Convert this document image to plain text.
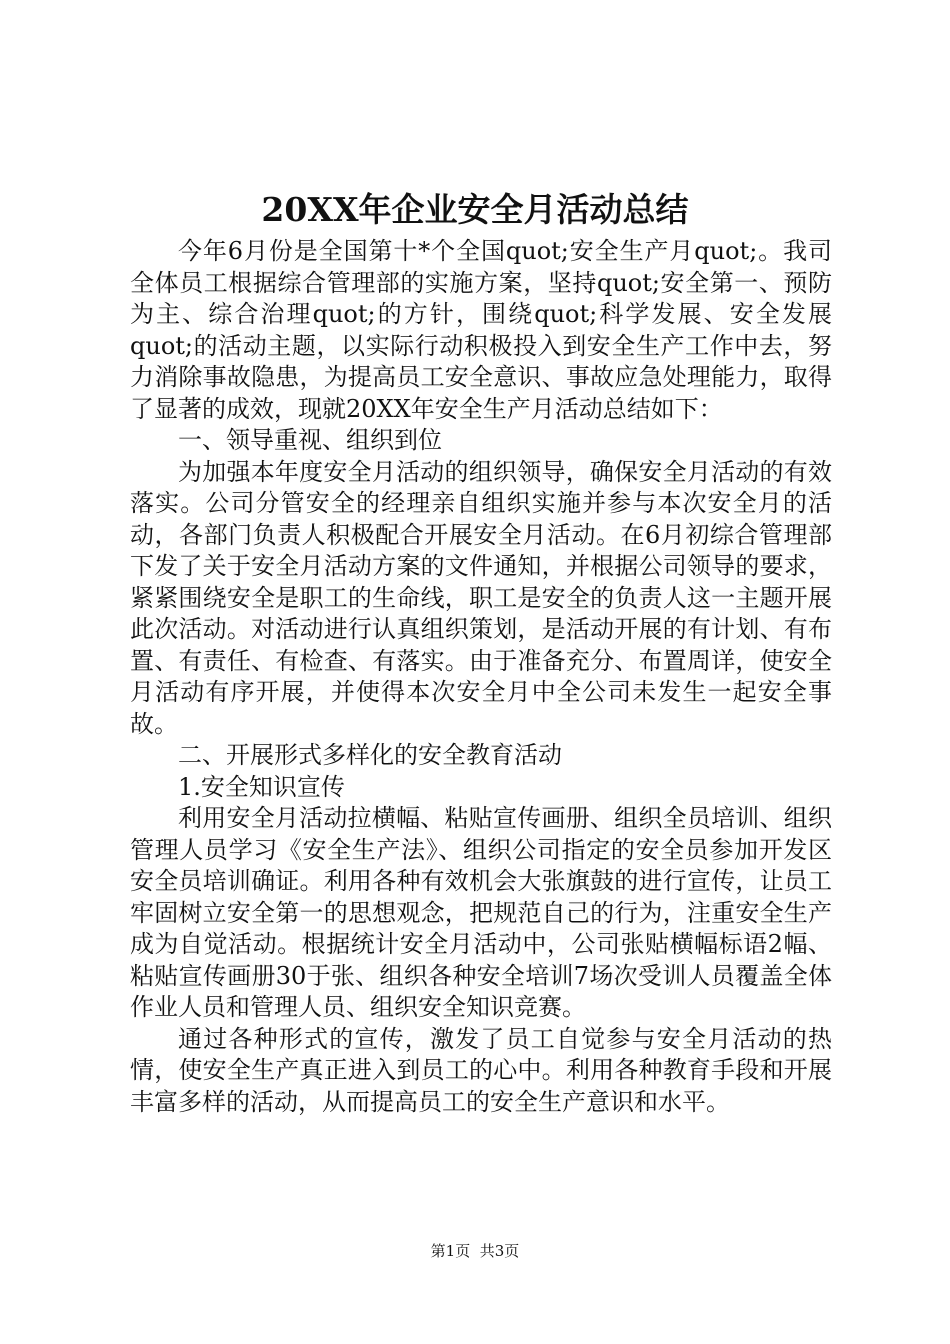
20XX年企业安全月活动总结

今年6月份是全国第十*个全国quot;安全生产月quot;。我司全体员工根据综合管理部的实施方案，坚持quot;安全第一、预防为主、综合治理quot;的方针，围绕quot;科学发展、安全发展quot;的活动主题，以实际行动积极投入到安全生产工作中去，努力消除事故隐患，为提高员工安全意识、事故应急处理能力，取得了显著的成效，现就20XX年安全生产月活动总结如下：

一、领导重视、组织到位

为加强本年度安全月活动的组织领导，确保安全月活动的有效落实。公司分管安全的经理亲自组织实施并参与本次安全月的活动，各部门负责人积极配合开展安全月活动。在6月初综合管理部下发了关于安全月活动方案的文件通知，并根据公司领导的要求，紧紧围绕安全是职工的生命线，职工是安全的负责人这一主题开展此次活动。对活动进行认真组织策划，是活动开展的有计划、有布置、有责任、有检查、有落实。由于准备充分、布置周详，使安全月活动有序开展，并使得本次安全月中全公司未发生一起安全事故。

二、开展形式多样化的安全教育活动

1.安全知识宣传

利用安全月活动拉横幅、粘贴宣传画册、组织全员培训、组织管理人员学习《安全生产法》、组织公司指定的安全员参加开发区安全员培训确证。利用各种有效机会大张旗鼓的进行宣传，让员工牢固树立安全第一的思想观念，把规范自己的行为，注重安全生产成为自觉活动。根据统计安全月活动中，公司张贴横幅标语2幅、粘贴宣传画册30于张、组织各种安全培训7场次受训人员覆盖全体作业人员和管理人员、组织安全知识竞赛。

通过各种形式的宣传，激发了员工自觉参与安全月活动的热情，使安全生产真正进入到员工的心中。利用各种教育手段和开展丰富多样的活动，从而提高员工的安全生产意识和水平。

第1页 共3页
